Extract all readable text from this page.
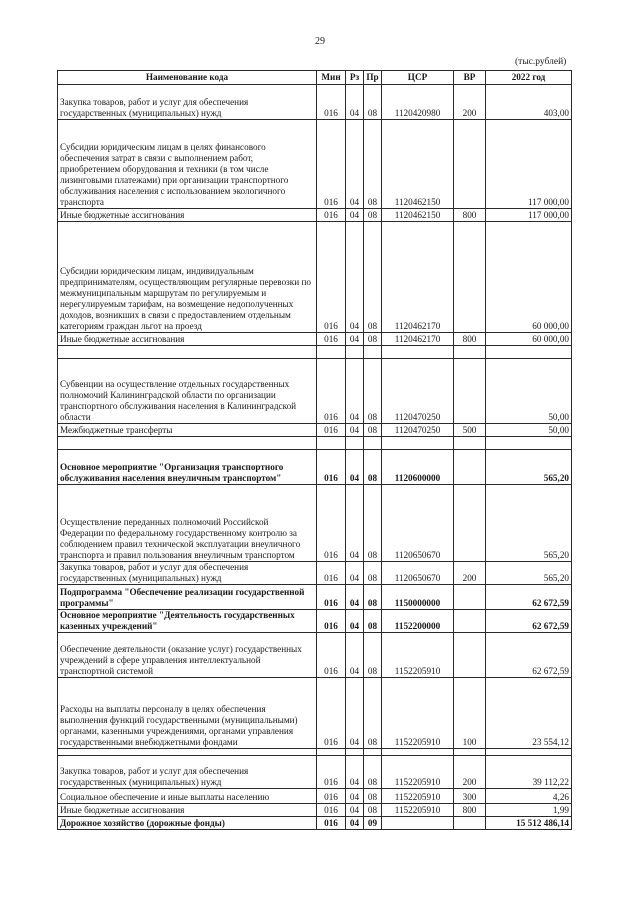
29
(тыс.рублей)
Наименование кода	Мин	Рз	Пр	ЦСР	ВР	2022 год
Закупка товаров, работ и услуг для обеспечения государственных (муниципальных) нужд	016	04	08	1120420980	200	403,00
Субсидии юридическим лицам в целях финансового обеспечения затрат в связи с выполнением работ, приобретением оборудования и техники (в том числе лизинговыми платежами) при организации транспортного обслуживания населения с использованием экологичного транспорта	016	04	08	1120462150		117 000,00
Иные бюджетные ассигнования	016	04	08	1120462150	800	117 000,00
Субсидии юридическим лицам, индивидуальным предпринимателям, осуществляющим регулярные перевозки по межмуниципальным маршрутам по регулируемым и нерегулируемым тарифам, на возмещение недополученных доходов, возникших в связи с предоставлением отдельным категориям граждан льгот на проезд	016	04	08	1120462170		60 000,00
Иные бюджетные ассигнования	016	04	08	1120462170	800	60 000,00

Субвенции на осуществление отдельных государственных полномочий Калининградской области по организации транспортного обслуживания населения в Калининградской области	016	04	08	1120470250		50,00
Межбюджетные трансферты	016	04	08	1120470250	500	50,00

Основное мероприятие "Организация транспортного обслуживания населения внеуличным транспортом"	016	04	08	1120600000		565,20
Осуществление переданных полномочий Российской Федерации по федеральному государственному контролю за соблюдением правил технической эксплуатации внеуличного транспорта и правил пользования внеуличным транспортом	016	04	08	1120650670		565,20
Закупка товаров, работ и услуг для обеспечения государственных (муниципальных) нужд	016	04	08	1120650670	200	565,20
Подпрограмма "Обеспечение реализации государственной программы"	016	04	08	1150000000		62 672,59
Основное мероприятие "Деятельность государственных казенных учреждений"	016	04	08	1152200000		62 672,59
Обеспечение деятельности (оказание услуг) государственных учреждений в сфере управления интеллектуальной транспортной системой	016	04	08	1152205910		62 672,59
Расходы на выплаты персоналу в целях обеспечения выполнения функций государственными (муниципальными) органами, казенными учреждениями, органами управления государственными внебюджетными фондами	016	04	08	1152205910	100	23 554,12

Закупка товаров, работ и услуг для обеспечения государственных (муниципальных) нужд	016	04	08	1152205910	200	39 112,22
Социальное обеспечение и иные выплаты населению	016	04	08	1152205910	300	4,26
Иные бюджетные ассигнования	016	04	08	1152205910	800	1,99
Дорожное хозяйство (дорожные фонды)	016	04	09			15 512 486,14
